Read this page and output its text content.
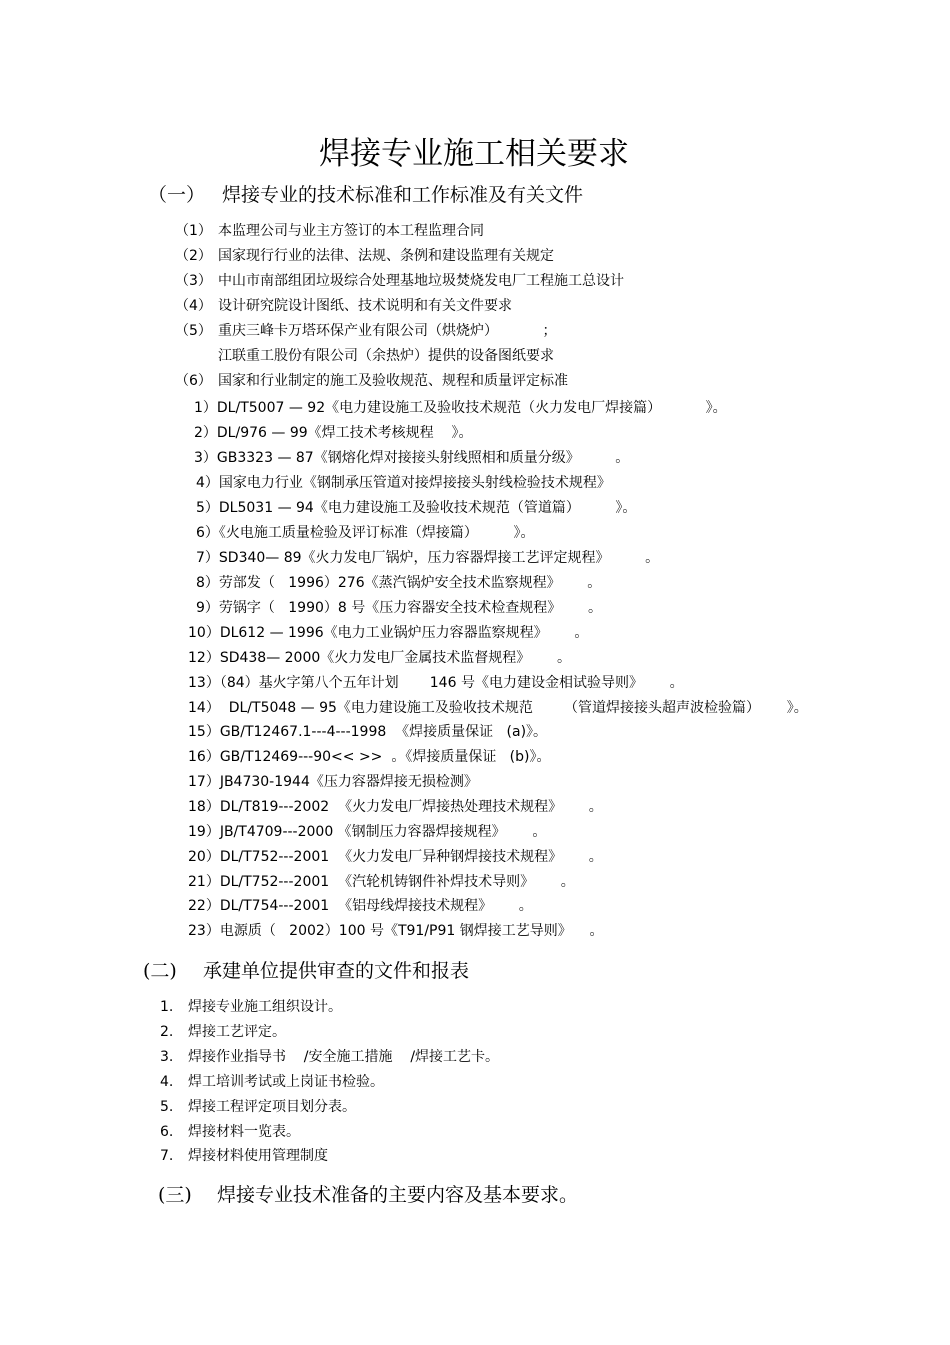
焊接专业施工相关要求
（一） 焊接专业的技术标准和工作标准及有关文件
（1） 本监理公司与业主方签订的本工程监理合同
（2） 国家现行行业的法律、法规、条例和建设监理有关规定
（3） 中山市南部组团垃圾综合处理基地垃圾焚烧发电厂工程施工总设计
（4） 设计研究院设计图纸、技术说明和有关文件要求
（5） 重庆三峰卡万塔环保产业有限公司（烘烧炉）          ；
江联重工股份有限公司（余热炉）提供的设备图纸要求
（6） 国家和行业制定的施工及验收规范、规程和质量评定标准
1）DL/T5007 — 92《电力建设施工及验收技术规范（火力发电厂焊接篇）          》。
2）DL/976 — 99《焊工技术考核规程    》。
3）GB3323 — 87《钢熔化焊对接接头射线照相和质量分级》        。
4）国家电力行业《钢制承压管道对接焊接接头射线检验技术规程》
5）DL5031 — 94《电力建设施工及验收技术规范（管道篇）        》。
6）《火电施工质量检验及评订标准（焊接篇）        》。
7）SD340— 89《火力发电厂锅炉，压力容器焊接工艺评定规程》        。
8）劳部发（   1996）276《蒸汽锅炉安全技术监察规程》      。
9）劳锅字（   1990）8 号《压力容器安全技术检查规程》      。
10）DL612 — 1996《电力工业锅炉压力容器监察规程》      。
12）SD438— 2000《火力发电厂金属技术监督规程》      。
13）（84）基火字第八个五年计划       146 号《电力建设金相试验导则》      。
14）  DL/T5048 — 95《电力建设施工及验收技术规范       （管道焊接接头超声波检验篇）      》。
15）GB/T12467.1---4---1998  《焊接质量保证   (a)》。
16）GB/T12469---90<< >>  。《焊接质量保证   (b)》。
17）JB4730-1944《压力容器焊接无损检测》
18）DL/T819---2002  《火力发电厂焊接热处理技术规程》      。
19）JB/T4709---2000 《钢制压力容器焊接规程》      。
20）DL/T752---2001  《火力发电厂异种钢焊接技术规程》      。
21）DL/T752---2001  《汽轮机铸钢件补焊技术导则》      。
22）DL/T754---2001  《铝母线焊接技术规程》      。
23）电源质（   2002）100 号《T91/P91 钢焊接工艺导则》    。
(二) 承建单位提供审查的文件和报表
1. 焊接专业施工组织设计。
2. 焊接工艺评定。
3. 焊接作业指导书    /安全施工措施    /焊接工艺卡。
4. 焊工培训考试或上岗证书检验。
5. 焊接工程评定项目划分表。
6. 焊接材料一览表。
7. 焊接材料使用管理制度
(三) 焊接专业技术准备的主要内容及基本要求。
